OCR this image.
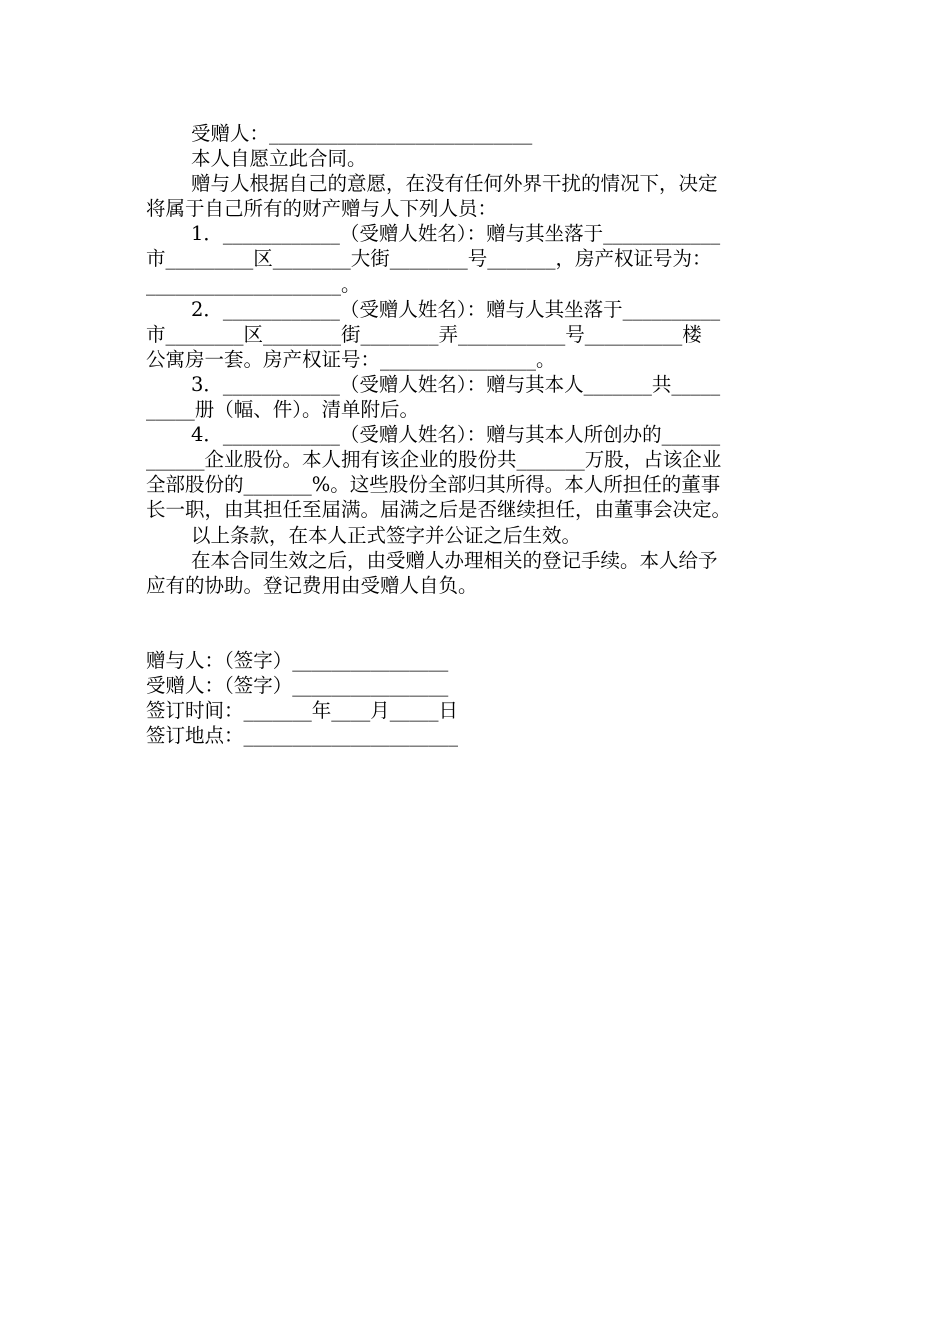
受赠人：___________________________
本人自愿立此合同。
赠与人根据自己的意愿，在没有任何外界干扰的情况下，决定
将属于自己所有的财产赠与人下列人员：
1．____________（受赠人姓名）：赠与其坐落于____________
市_________区________大街________号_______，房产权证号为：
____________________。
2．____________（受赠人姓名）：赠与人其坐落于__________
市________区________街________弄___________号__________楼
公寓房一套。房产权证号：________________。
3．____________（受赠人姓名）：赠与其本人_______共_____
_____册（幅、件）。清单附后。
4．____________（受赠人姓名）：赠与其本人所创办的______
______企业股份。本人拥有该企业的股份共_______万股，占该企业
全部股份的_______%。这些股份全部归其所得。本人所担任的董事
长一职，由其担任至届满。届满之后是否继续担任，由董事会决定。
以上条款，在本人正式签字并公证之后生效。
在本合同生效之后，由受赠人办理相关的登记手续。本人给予
应有的协助。登记费用由受赠人自负。
赠与人：（签字）________________
受赠人：（签字）________________
签订时间：_______年____月_____日
签订地点：______________________
